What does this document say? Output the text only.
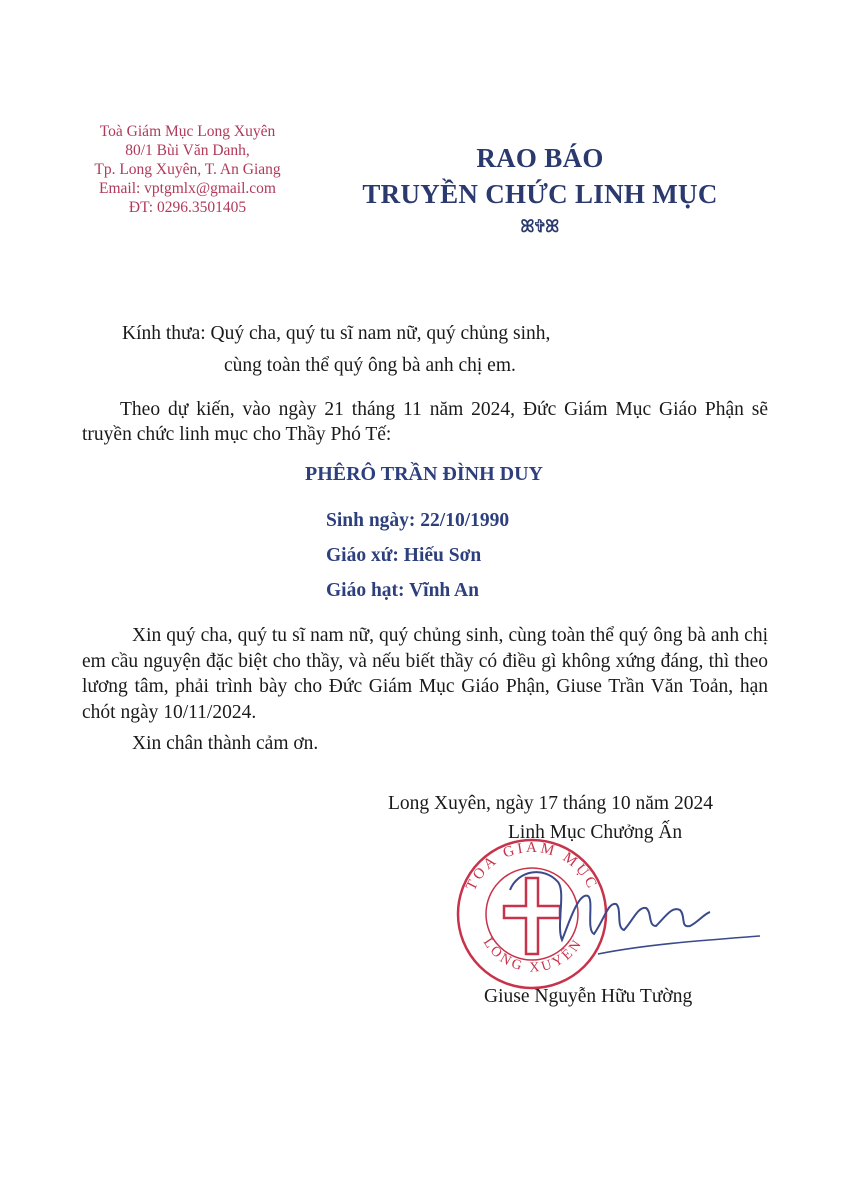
Toà Giám Mục Long Xuyên
80/1 Bùi Văn Danh,
Tp. Long Xuyên, T. An Giang
Email: vptgmlx@gmail.com
ĐT: 0296.3501405
RAO BÁO
TRUYỀN CHỨC LINH MỤC
ꕤ✞ꕤ
Kính thưa: Quý cha, quý tu sĩ nam nữ, quý chủng sinh,
cùng toàn thể quý ông bà anh chị em.
Theo dự kiến, vào ngày 21 tháng 11 năm 2024, Đức Giám Mục Giáo Phận sẽ truyền chức linh mục cho Thầy Phó Tế:
PHÊRÔ TRẦN ĐÌNH DUY
Sinh ngày: 22/10/1990
Giáo xứ: Hiếu Sơn
Giáo hạt: Vĩnh An
Xin quý cha, quý tu sĩ nam nữ, quý chủng sinh, cùng toàn thể quý ông bà anh chị em cầu nguyện đặc biệt cho thầy, và nếu biết thầy có điều gì không xứng đáng, thì theo lương tâm, phải trình bày cho Đức Giám Mục Giáo Phận, Giuse Trần Văn Toản, hạn chót ngày 10/11/2024.
Xin chân thành cảm ơn.
Long Xuyên, ngày 17 tháng 10 năm 2024
Linh Mục Chưởng Ấn
TOÀ GIÁM MỤC
LONG XUYÊN
Giuse Nguyễn Hữu Tường
